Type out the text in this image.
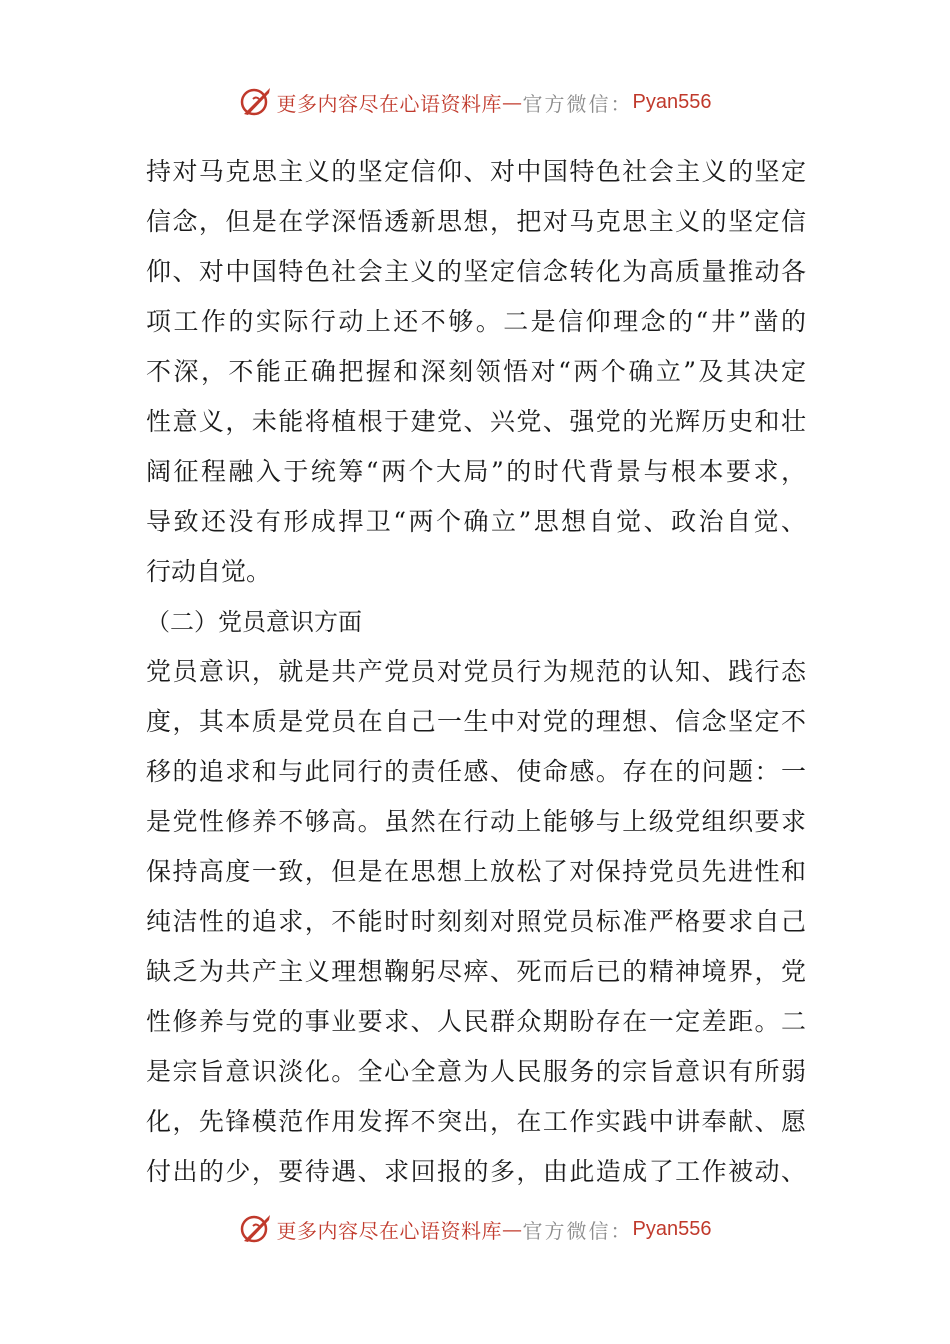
更多内容尽在心语资料库 — 官方微信： Pyan556
持对马克思主义的坚定信仰、对中国特色社会主义的坚定
信念，但是在学深悟透新思想，把对马克思主义的坚定信
仰、对中国特色社会主义的坚定信念转化为高质量推动各
项工作的实际行动上还不够。二是信仰理念的“井”凿的
不深，不能正确把握和深刻领悟对“两个确立”及其决定
性意义，未能将植根于建党、兴党、强党的光辉历史和壮
阔征程融入于统筹“两个大局”的时代背景与根本要求，
导致还没有形成捍卫“两个确立”思想自觉、政治自觉、
行动自觉。
（二）党员意识方面
党员意识，就是共产党员对党员行为规范的认知、践行态
度，其本质是党员在自己一生中对党的理想、信念坚定不
移的追求和与此同行的责任感、使命感。存在的问题：一
是党性修养不够高。虽然在行动上能够与上级党组织要求
保持高度一致，但是在思想上放松了对保持党员先进性和
纯洁性的追求，不能时时刻刻对照党员标准严格要求自己
缺乏为共产主义理想鞠躬尽瘁、死而后已的精神境界，党
性修养与党的事业要求、人民群众期盼存在一定差距。二
是宗旨意识淡化。全心全意为人民服务的宗旨意识有所弱
化，先锋模范作用发挥不突出，在工作实践中讲奉献、愿
付出的少，要待遇、求回报的多，由此造成了工作被动、
更多内容尽在心语资料库 — 官方微信： Pyan556
